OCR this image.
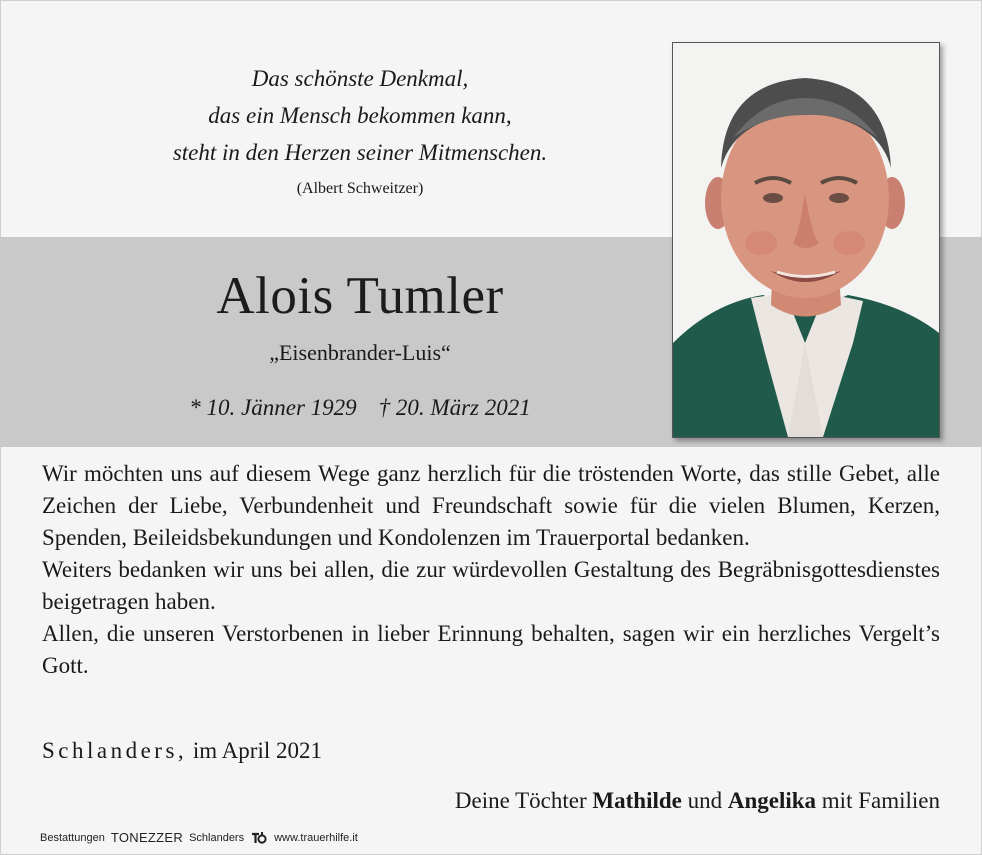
Das schönste Denkmal,
das ein Mensch bekommen kann,
steht in den Herzen seiner Mitmenschen.
(Albert Schweitzer)
Alois Tumler
„Eisenbrander-Luis“
* 10. Jänner 1929 † 20. März 2021

Wir möchten uns auf diesem Wege ganz herzlich für die tröstenden Worte, das stille Gebet, alle Zeichen der Liebe, Verbundenheit und Freundschaft sowie für die vielen Blumen, Kerzen, Spenden, Beileidsbekundungen und Kondolenzen im Trauerportal bedanken.

Weiters bedanken wir uns bei allen, die zur würdevollen Gestaltung des Begräbnisgottesdienstes beigetragen haben.

Allen, die unseren Verstorbenen in lieber Erinnung behalten, sagen wir ein herzliches Vergelt’s Gott.

Schlanders, im April 2021
Deine Töchter Mathilde und Angelika mit Familien
Bestattungen TONEZZER Schlanders	www.trauerhilfe.it
